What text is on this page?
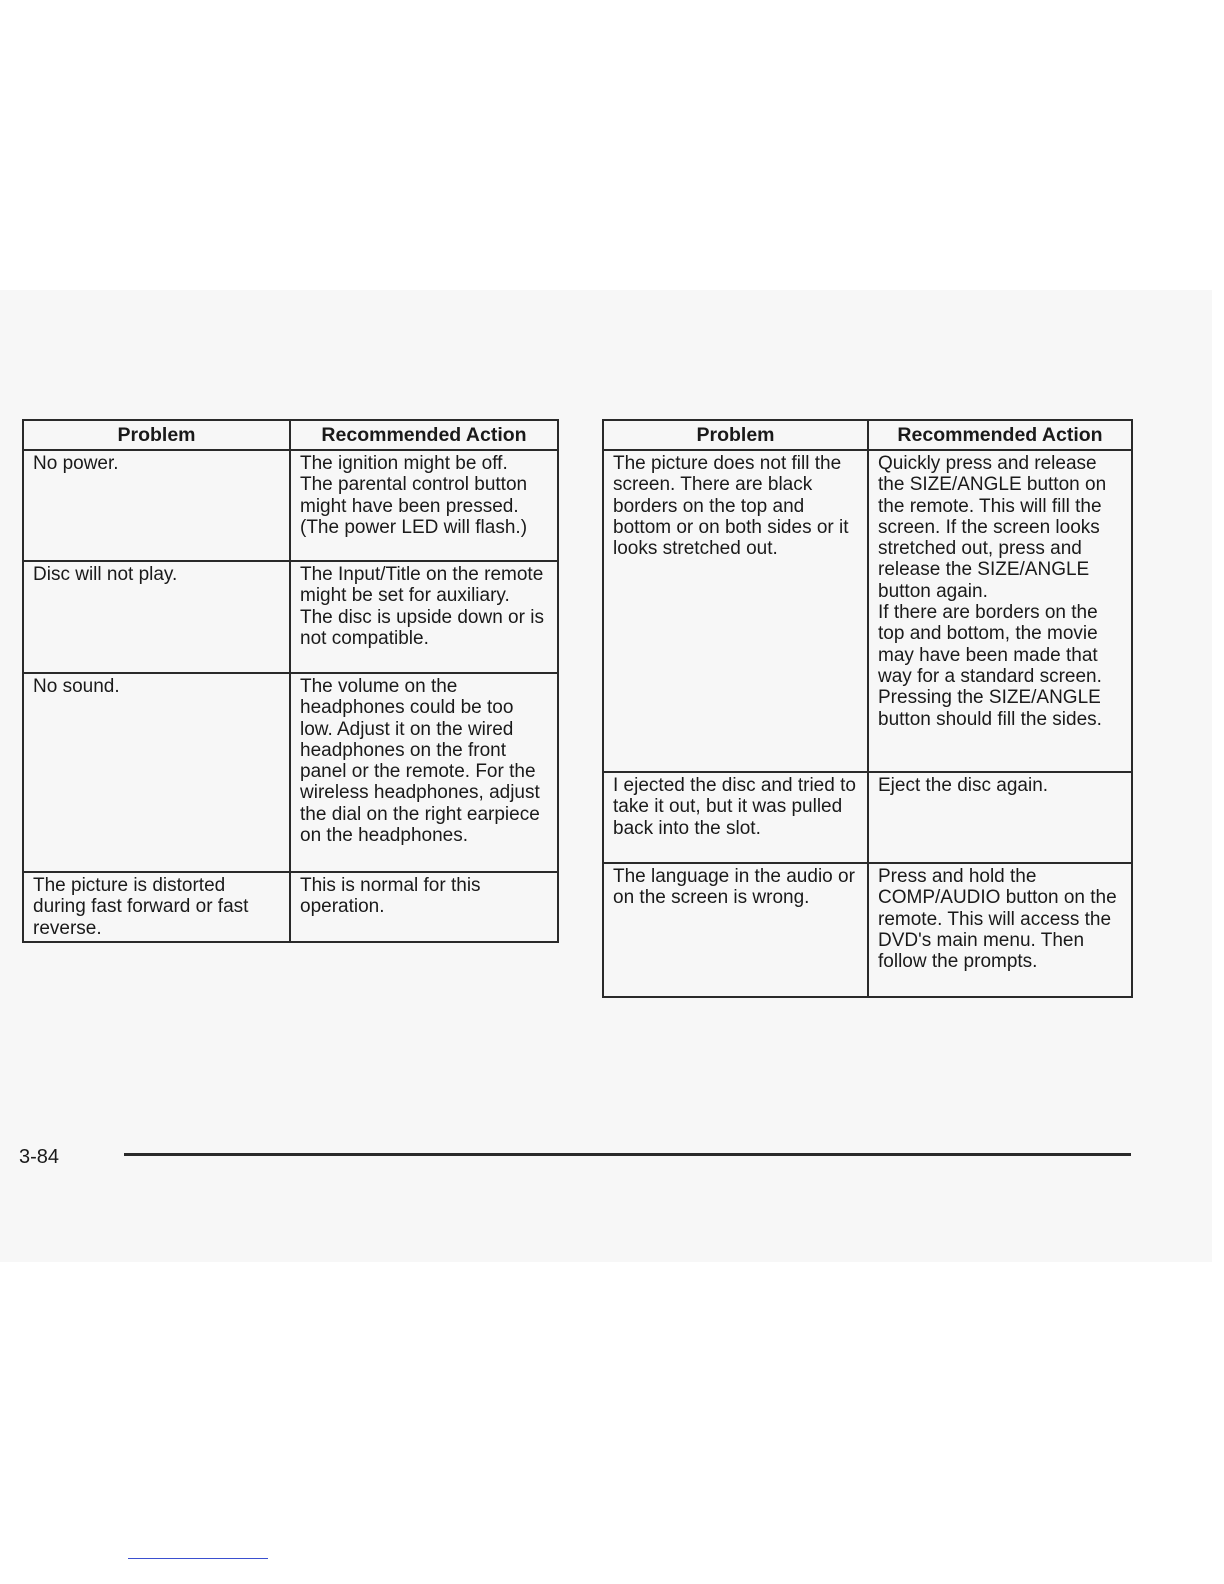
Problem	Recommended Action

No power.	The ignition might be off.
The parental control button might have been pressed. (The power LED will flash.)

Disc will not play.	The Input/Title on the remote might be set for auxiliary.
The disc is upside down or is not compatible.

No sound.	The volume on the headphones could be too low. Adjust it on the wired headphones on the front panel or the remote. For the wireless headphones, adjust the dial on the right earpiece on the headphones.

The picture is distorted during fast forward or fast reverse.	This is normal for this operation.
Problem	Recommended Action

The picture does not fill the screen. There are black borders on the top and bottom or on both sides or it looks stretched out.	Quickly press and release the SIZE/ANGLE button on the remote. This will fill the screen. If the screen looks stretched out, press and release the SIZE/ANGLE button again.
If there are borders on the top and bottom, the movie may have been made that way for a standard screen. Pressing the SIZE/ANGLE button should fill the sides.

I ejected the disc and tried to take it out, but it was pulled back into the slot.	Eject the disc again.

The language in the audio or on the screen is wrong.	Press and hold the COMP/AUDIO button on the remote. This will access the DVD's main menu. Then follow the prompts.
3-84
